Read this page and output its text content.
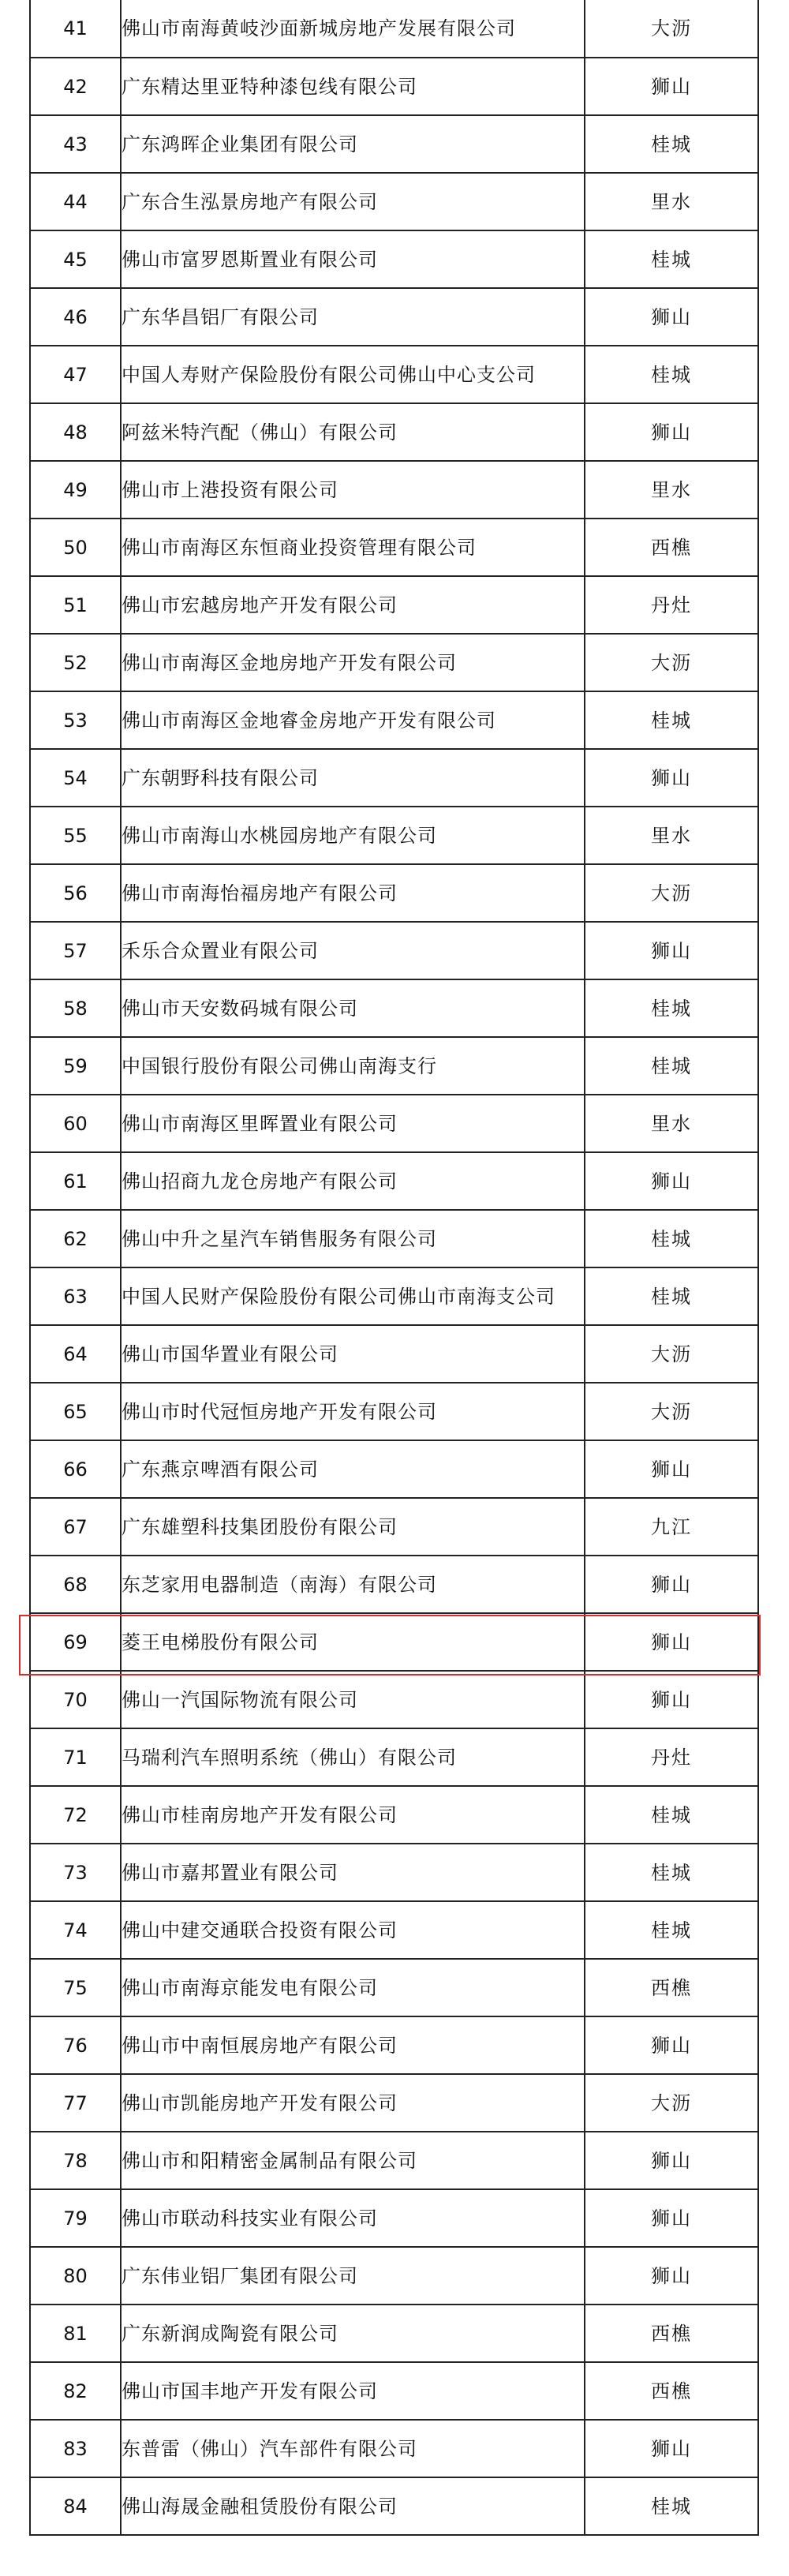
41	佛山市南海黄岐沙面新城房地产发展有限公司	大沥
42	广东精达里亚特种漆包线有限公司	狮山
43	广东鸿晖企业集团有限公司	桂城
44	广东合生泓景房地产有限公司	里水
45	佛山市富罗恩斯置业有限公司	桂城
46	广东华昌铝厂有限公司	狮山
47	中国人寿财产保险股份有限公司佛山中心支公司	桂城
48	阿兹米特汽配（佛山）有限公司	狮山
49	佛山市上港投资有限公司	里水
50	佛山市南海区东恒商业投资管理有限公司	西樵
51	佛山市宏越房地产开发有限公司	丹灶
52	佛山市南海区金地房地产开发有限公司	大沥
53	佛山市南海区金地睿金房地产开发有限公司	桂城
54	广东朝野科技有限公司	狮山
55	佛山市南海山水桃园房地产有限公司	里水
56	佛山市南海怡福房地产有限公司	大沥
57	禾乐合众置业有限公司	狮山
58	佛山市天安数码城有限公司	桂城
59	中国银行股份有限公司佛山南海支行	桂城
60	佛山市南海区里晖置业有限公司	里水
61	佛山招商九龙仓房地产有限公司	狮山
62	佛山中升之星汽车销售服务有限公司	桂城
63	中国人民财产保险股份有限公司佛山市南海支公司	桂城
64	佛山市国华置业有限公司	大沥
65	佛山市时代冠恒房地产开发有限公司	大沥
66	广东燕京啤酒有限公司	狮山
67	广东雄塑科技集团股份有限公司	九江
68	东芝家用电器制造（南海）有限公司	狮山
69	菱王电梯股份有限公司	狮山
70	佛山一汽国际物流有限公司	狮山
71	马瑞利汽车照明系统（佛山）有限公司	丹灶
72	佛山市桂南房地产开发有限公司	桂城
73	佛山市嘉邦置业有限公司	桂城
74	佛山中建交通联合投资有限公司	桂城
75	佛山市南海京能发电有限公司	西樵
76	佛山市中南恒展房地产有限公司	狮山
77	佛山市凯能房地产开发有限公司	大沥
78	佛山市和阳精密金属制品有限公司	狮山
79	佛山市联动科技实业有限公司	狮山
80	广东伟业铝厂集团有限公司	狮山
81	广东新润成陶瓷有限公司	西樵
82	佛山市国丰地产开发有限公司	西樵
83	东普雷（佛山）汽车部件有限公司	狮山
84	佛山海晟金融租赁股份有限公司	桂城
